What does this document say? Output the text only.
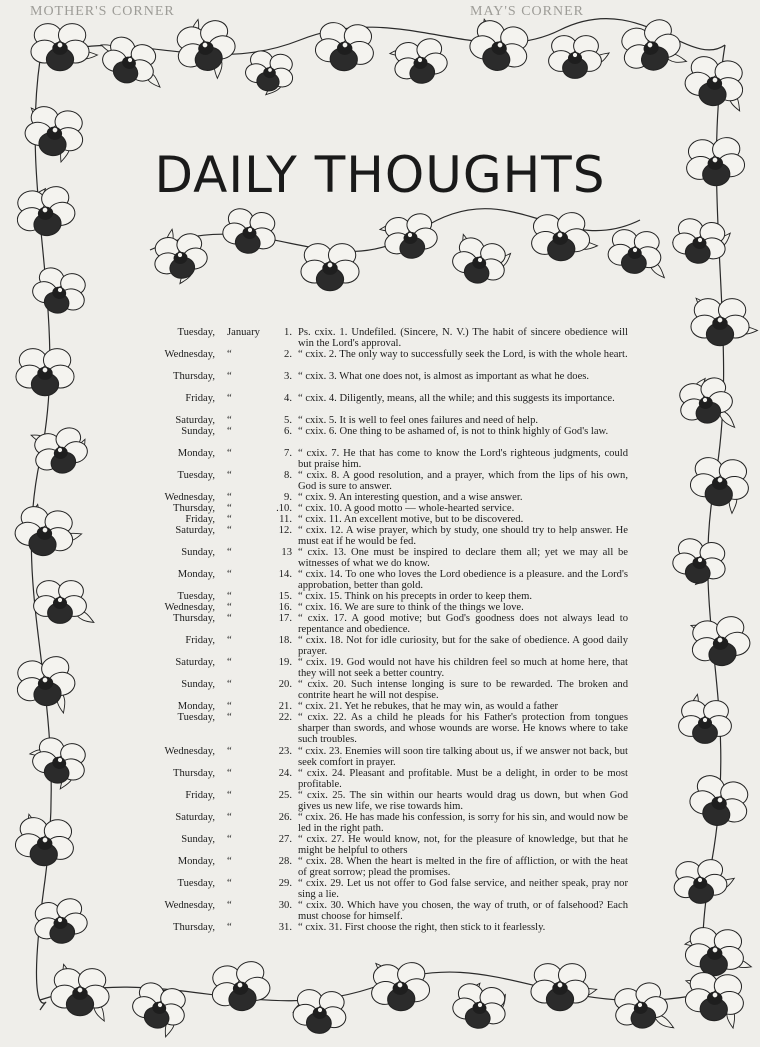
MOTHER'S CORNER	MAY'S CORNER
DAILY THOUGHTS
Tuesday, January	1. Ps. cxix. 1. Undefiled. (Sincere, N. V.) The habit of sincere obedience will win the Lord's approval.
Wednesday, “	2. “ cxix. 2. The only way to successfully seek the Lord, is with the whole heart.
Thursday, “	3. “ cxix. 3. What one does not, is almost as important as what he does.
Friday, “	4. “ cxix. 4. Diligently, means, all the while; and this suggests its importance.
Saturday, “	5. “ cxix. 5. It is well to feel ones failures and need of help.
Sunday, “	6. “ cxix. 6. One thing to be ashamed of, is not to think highly of God's law.
Monday, “	7. “ cxix. 7. He that has come to know the Lord's righteous judgments, could but praise him.
Tuesday, “	8. “ cxix. 8. A good resolution, and a prayer, which from the lips of his own, God is sure to answer.
Wednesday, “	9. “ cxix. 9. An interesting question, and a wise answer.
Thursday, “	.10. “ cxix. 10. A good motto — whole-hearted service.
Friday, “	11. “ cxix. 11. An excellent motive, but to be discovered.
Saturday, “	12. “ cxix. 12. A wise prayer, which by study, one should try to help answer. He must eat if he would be fed.
Sunday, “	13 “ cxix. 13. One must be inspired to declare them all; yet we may all be witnesses of what we do know.
Monday, “	14. “ cxix. 14. To one who loves the Lord obedience is a pleasure. and the Lord's approbation, better than gold.
Tuesday, “	15. “ cxix. 15. Think on his precepts in order to keep them.
Wednesday, “	16. “ cxix. 16. We are sure to think of the things we love.
Thursday, “	17. “ cxix. 17. A good motive; but God's goodness does not always lead to repentance and obedience.
Friday, “	18. “ cxix. 18. Not for idle curiosity, but for the sake of obedience. A good daily prayer.
Saturday, “	19. “ cxix. 19. God would not have his children feel so much at home here, that they will not seek a better country.
Sunday, “	20. “ cxix. 20. Such intense longing is sure to be rewarded. The broken and contrite heart he will not despise.
Monday, “	21. “ cxix. 21. Yet he rebukes, that he may win, as would a father
Tuesday, “	22. “ cxix. 22. As a child he pleads for his Father's protection from tongues sharper than swords, and whose wounds are worse. He knows where to take such troubles.
Wednesday, “	23. “ cxix. 23. Enemies will soon tire talking about us, if we answer not back, but seek comfort in prayer.
Thursday, “	24. “ cxix. 24. Pleasant and profitable. Must be a delight, in order to be most profitable.
Friday, “	25. “ cxix. 25. The sin within our hearts would drag us down, but when God gives us new life, we rise towards him.
Saturday, “	26. “ cxix. 26. He has made his confession, is sorry for his sin, and would now be led in the right path.
Sunday, “	27. “ cxix. 27. He would know, not, for the pleasure of knowledge, but that he might be helpful to others
Monday, “	28. “ cxix. 28. When the heart is melted in the fire of affliction, or with the heat of great sorrow; plead the promises.
Tuesday, “	29. “ cxix. 29. Let us not offer to God false service, and neither speak, pray nor sing a lie.
Wednesday, “	30. “ cxix. 30. Which have you chosen, the way of truth, or of falsehood? Each must choose for himself.
Thursday, “	31. “ cxix. 31. First choose the right, then stick to it fearlessly.
